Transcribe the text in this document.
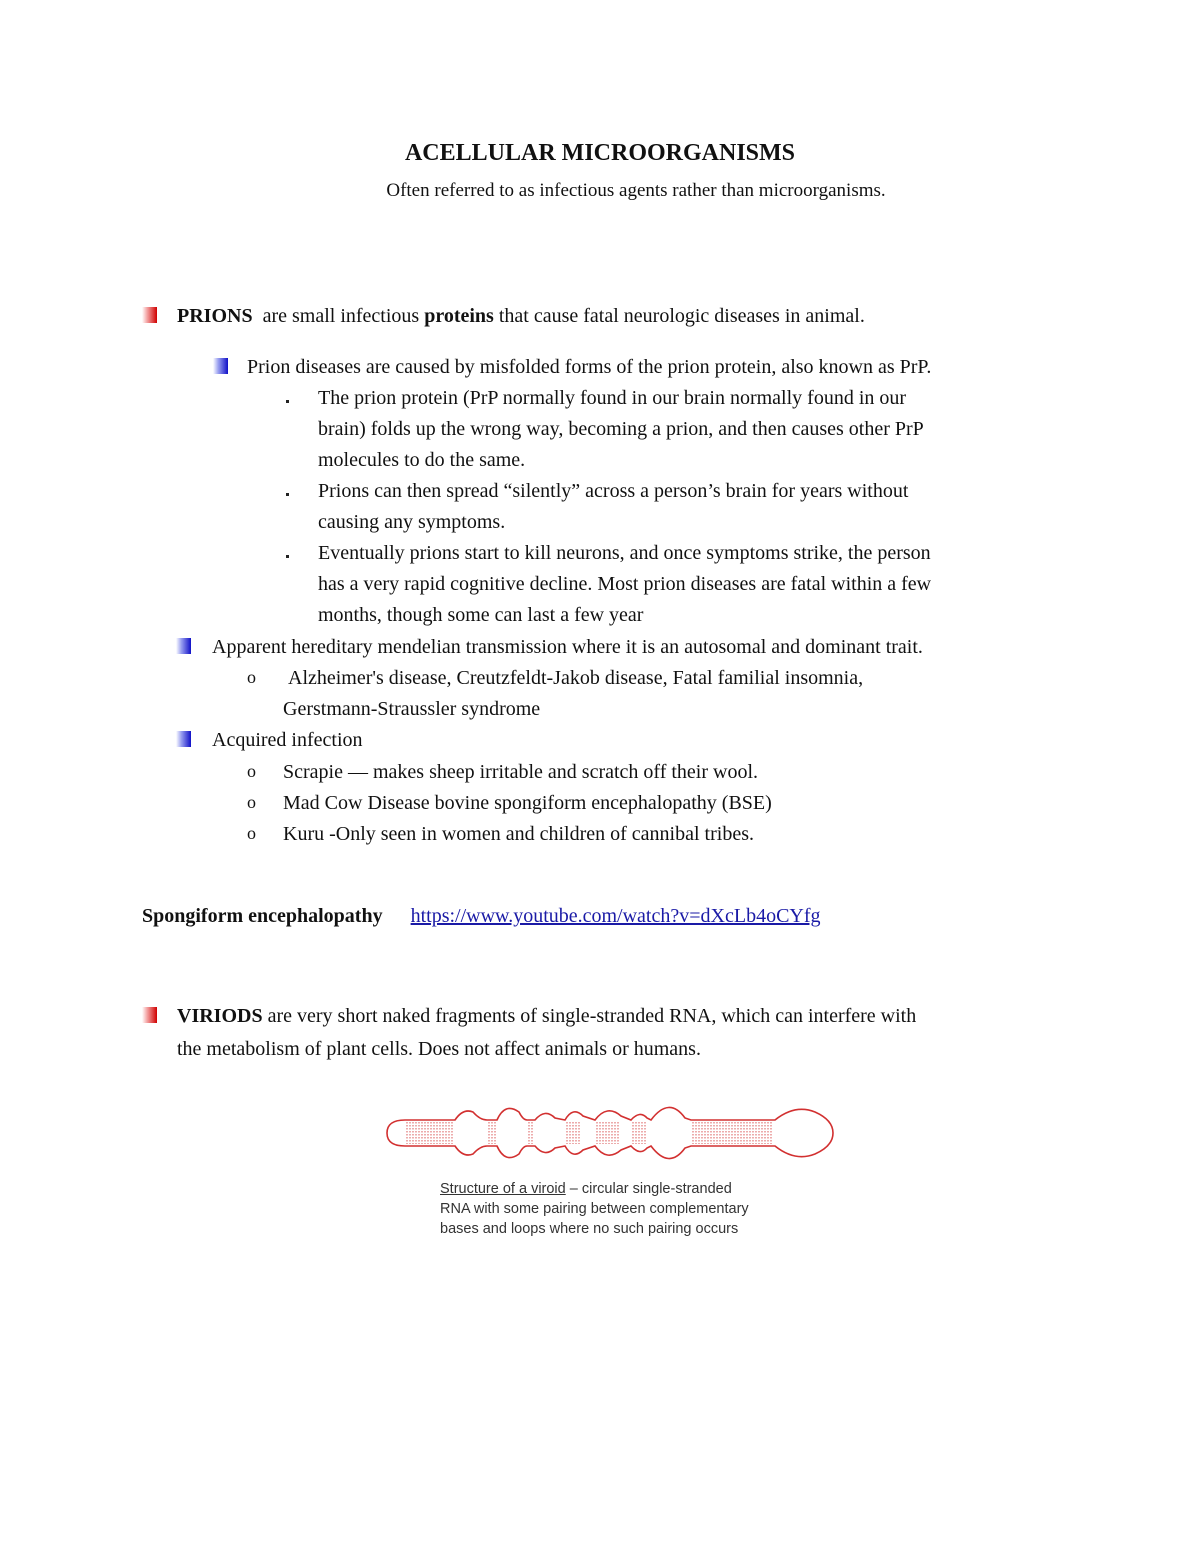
ACELLULAR MICROORGANISMS
Often referred to as infectious agents rather than microorganisms.
PRIONS are small infectious proteins that cause fatal neurologic diseases in animal.
Prion diseases are caused by misfolded forms of the prion protein, also known as PrP.
The prion protein (PrP normally found in our brain normally found in our
brain) folds up the wrong way, becoming a prion, and then causes other PrP
molecules to do the same.
Prions can then spread “silently” across a person’s brain for years without
causing any symptoms.
Eventually prions start to kill neurons, and once symptoms strike, the person
has a very rapid cognitive decline. Most prion diseases are fatal within a few
months, though some can last a few year
Apparent hereditary mendelian transmission where it is an autosomal and dominant trait.
o Alzheimer's disease, Creutzfeldt-Jakob disease, Fatal familial insomnia,
Gerstmann-Straussler syndrome
Acquired infection
o Scrapie — makes sheep irritable and scratch off their wool.
o Mad Cow Disease bovine spongiform encephalopathy (BSE)
o Kuru -Only seen in women and children of cannibal tribes.
Spongiform encephalopathy https://www.youtube.com/watch?v=dXcLb4oCYfg
VIRIODS are very short naked fragments of single-stranded RNA, which can interfere with
the metabolism of plant cells. Does not affect animals or humans.
Structure of a viroid – circular single-stranded
RNA with some pairing between complementary
bases and loops where no such pairing occurs
